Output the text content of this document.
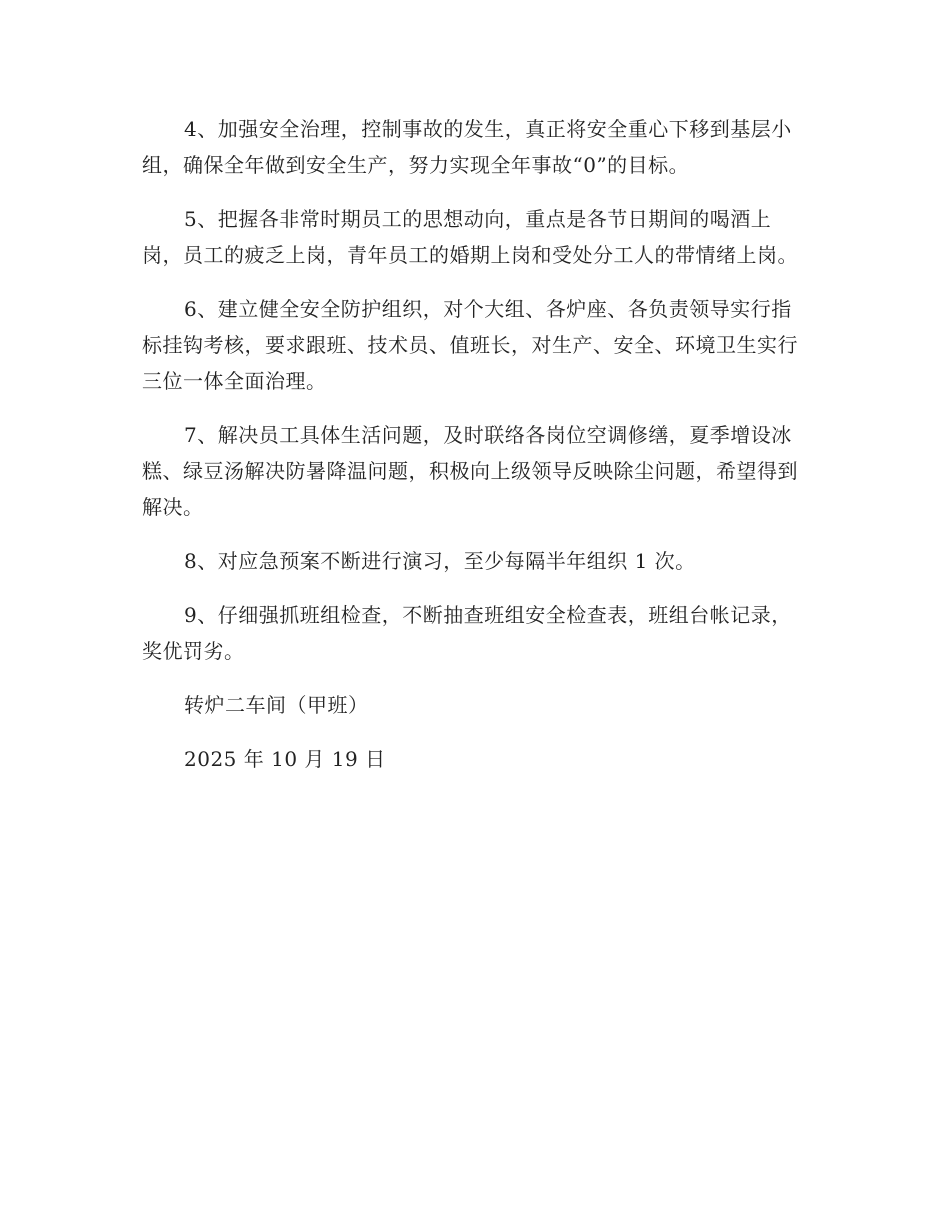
4、加强安全治理，控制事故的发生，真正将安全重心下移到基层小组，确保全年做到安全生产，努力实现全年事故“0”的目标。

5、把握各非常时期员工的思想动向，重点是各节日期间的喝酒上岗，员工的疲乏上岗，青年员工的婚期上岗和受处分工人的带情绪上岗。

6、建立健全安全防护组织，对个大组、各炉座、各负责领导实行指标挂钩考核，要求跟班、技术员、值班长，对生产、安全、环境卫生实行三位一体全面治理。

7、解决员工具体生活问题，及时联络各岗位空调修缮，夏季增设冰糕、绿豆汤解决防暑降温问题，积极向上级领导反映除尘问题，希望得到解决。

8、对应急预案不断进行演习，至少每隔半年组织 1 次。

9、仔细强抓班组检查，不断抽查班组安全检查表，班组台帐记录，奖优罚劣。

转炉二车间（甲班）

2025 年 10 月 19 日
